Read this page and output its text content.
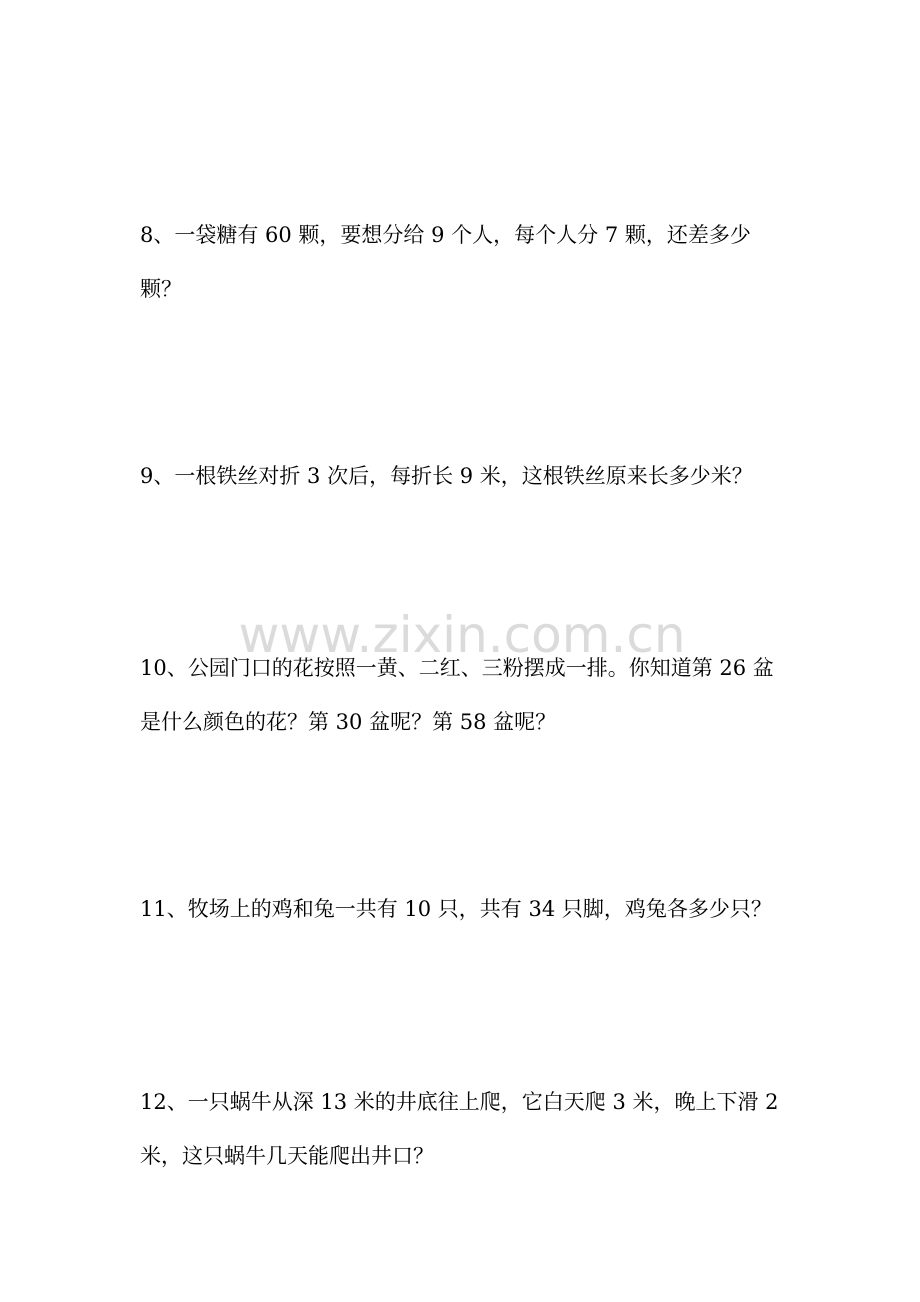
8、一袋糖有 60 颗，要想分给 9 个人，每个人分 7 颗，还差多少颗？

9、一根铁丝对折 3 次后，每折长 9 米，这根铁丝原来长多少米？

www.zixin.com.cn

10、公园门口的花按照一黄、二红、三粉摆成一排。你知道第 26 盆是什么颜色的花？第 30 盆呢？第 58 盆呢？

11、牧场上的鸡和兔一共有 10 只，共有 34 只脚，鸡兔各多少只？

12、一只蜗牛从深 13 米的井底往上爬，它白天爬 3 米，晚上下滑 2 米，这只蜗牛几天能爬出井口？
